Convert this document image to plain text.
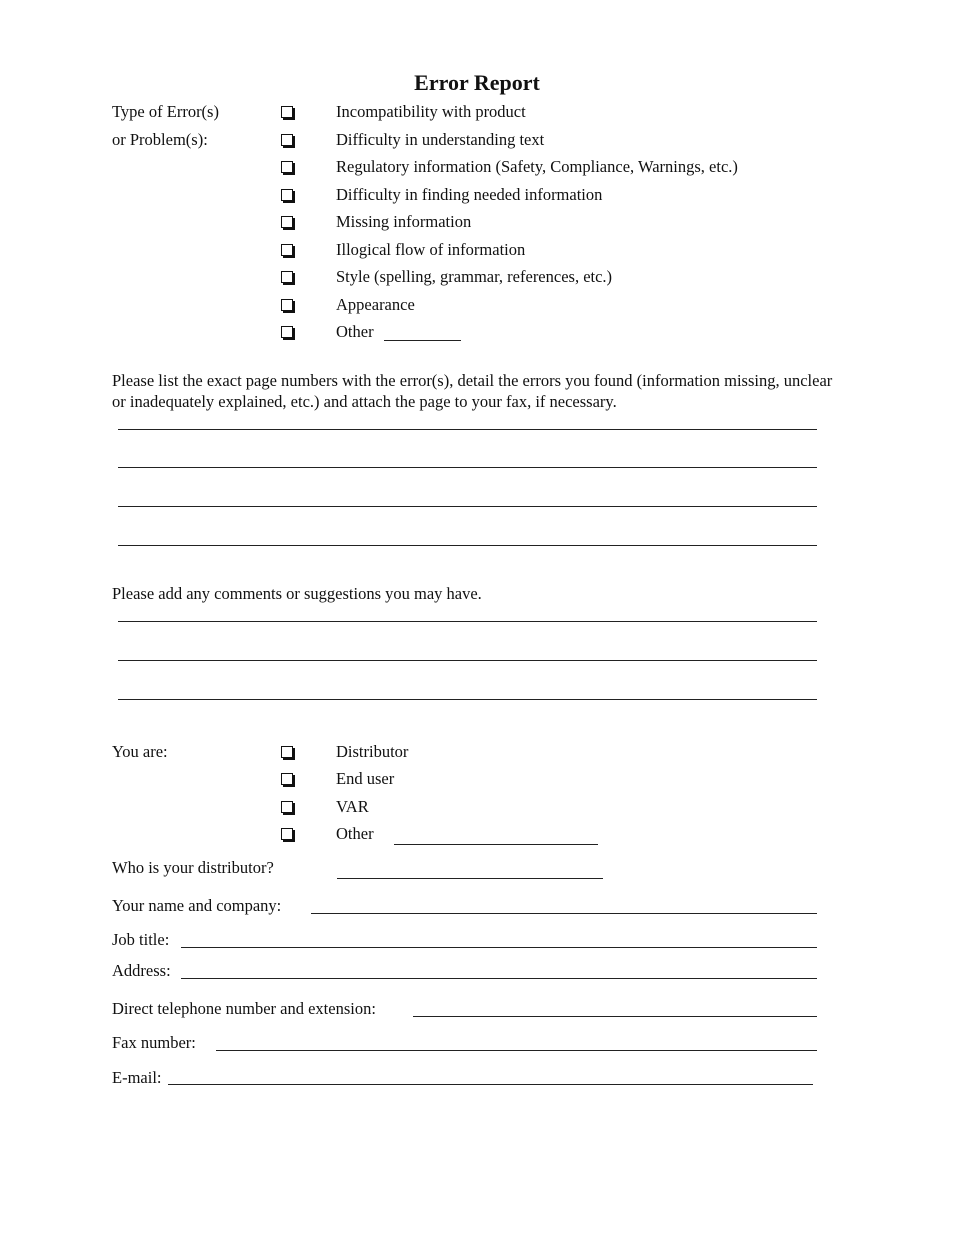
Error Report
Type of Error(s)
or Problem(s):
Incompatibility with product
Difficulty in understanding text
Regulatory information (Safety, Compliance, Warnings, etc.)
Difficulty in finding needed information
Missing information
Illogical flow of information
Style (spelling, grammar, references, etc.)
Appearance
Other
Please list the exact page numbers with the error(s), detail the errors you found (information missing, unclear or inadequately explained, etc.) and attach the page to your fax, if necessary.
Please add any comments or suggestions you may have.
You are:	Distributor
End user
VAR
Other
Who is your distributor?
Your name and company:
Job title:
Address:
Direct telephone number and extension:
Fax number:
E-mail:
